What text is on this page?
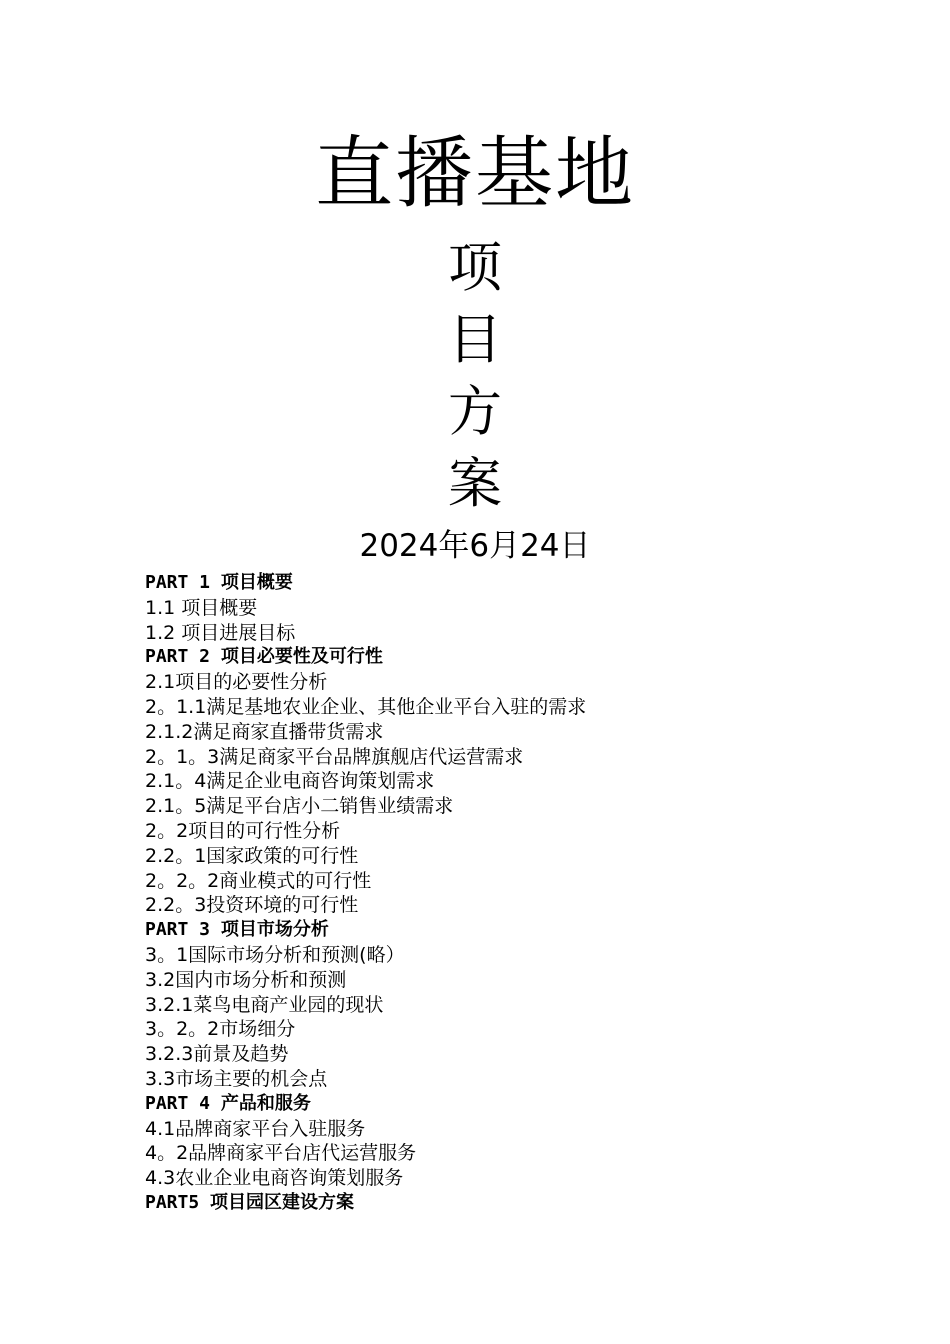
直播基地
项
目
方
案
2024年6月24日
PART 1 项目概要
1.1 项目概要
1.2 项目进展目标
PART 2 项目必要性及可行性
2.1项目的必要性分析
2。1.1满足基地农业企业、其他企业平台入驻的需求
2.1.2满足商家直播带货需求
2。1。3满足商家平台品牌旗舰店代运营需求
2.1。4满足企业电商咨询策划需求
2.1。5满足平台店小二销售业绩需求
2。2项目的可行性分析
2.2。1国家政策的可行性
2。2。2商业模式的可行性
2.2。3投资环境的可行性
PART 3 项目市场分析
3。1国际市场分析和预测(略）
3.2国内市场分析和预测
3.2.1菜鸟电商产业园的现状
3。2。2市场细分
3.2.3前景及趋势
3.3市场主要的机会点
PART 4 产品和服务
4.1品牌商家平台入驻服务
4。2品牌商家平台店代运营服务
4.3农业企业电商咨询策划服务
PART5 项目园区建设方案
